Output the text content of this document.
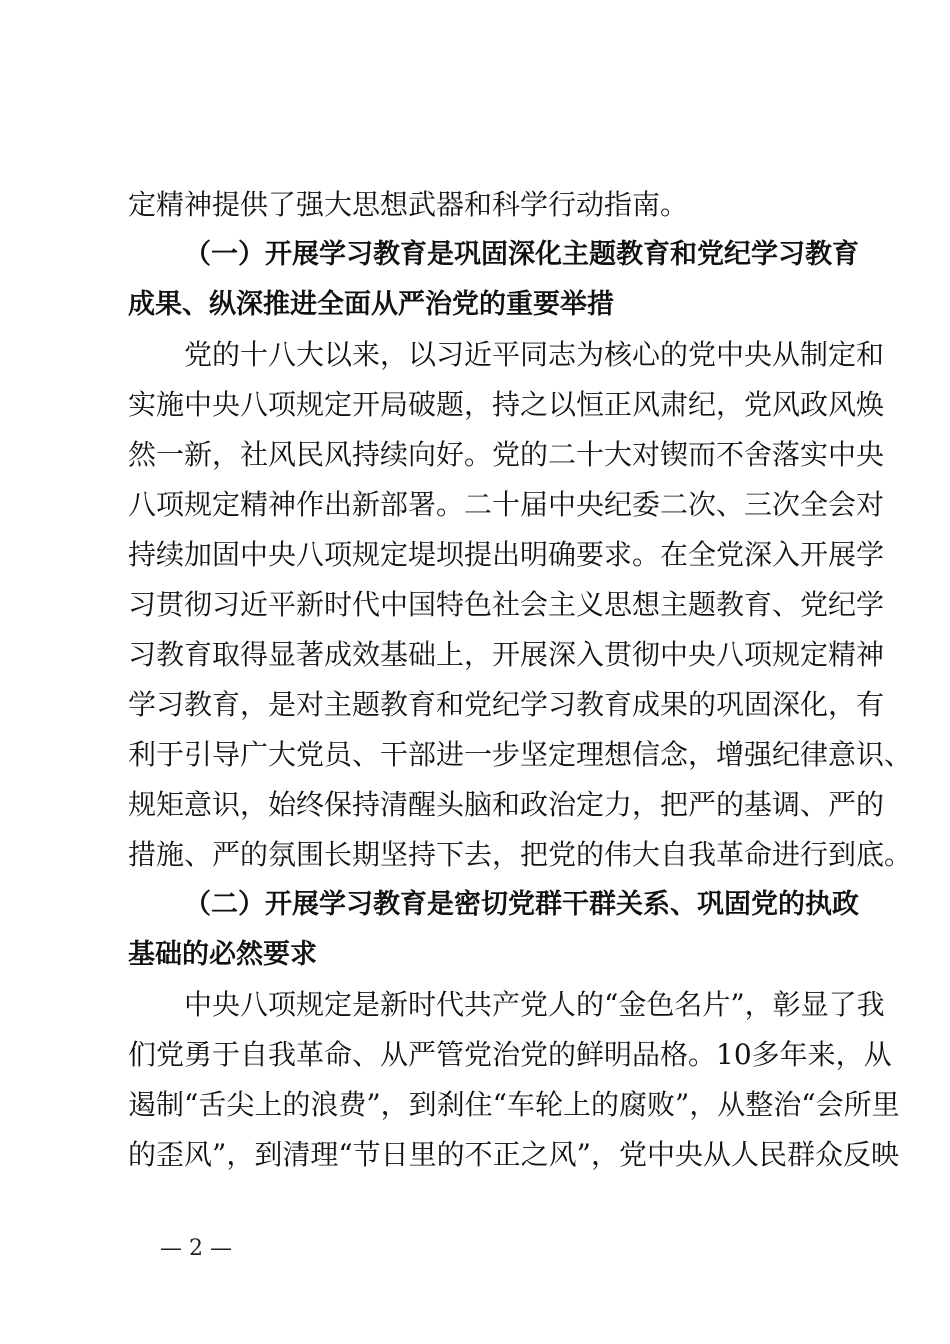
定精神提供了强大思想武器和科学行动指南。
（一）开展学习教育是巩固深化主题教育和党纪学习教育
成果、纵深推进全面从严治党的重要举措
党的十八大以来，以习近平同志为核心的党中央从制定和
实施中央八项规定开局破题，持之以恒正风肃纪，党风政风焕
然一新，社风民风持续向好。党的二十大对锲而不舍落实中央
八项规定精神作出新部署。二十届中央纪委二次、三次全会对
持续加固中央八项规定堤坝提出明确要求。在全党深入开展学
习贯彻习近平新时代中国特色社会主义思想主题教育、党纪学
习教育取得显著成效基础上，开展深入贯彻中央八项规定精神
学习教育，是对主题教育和党纪学习教育成果的巩固深化，有
利于引导广大党员、干部进一步坚定理想信念，增强纪律意识、
规矩意识，始终保持清醒头脑和政治定力，把严的基调、严的
措施、严的氛围长期坚持下去，把党的伟大自我革命进行到底。
（二）开展学习教育是密切党群干群关系、巩固党的执政
基础的必然要求
中央八项规定是新时代共产党人的“金色名片”，彰显了我
们党勇于自我革命、从严管党治党的鲜明品格。10多年来，从
遏制“舌尖上的浪费”，到刹住“车轮上的腐败”，从整治“会所里
的歪风”，到清理“节日里的不正之风”，党中央从人民群众反映
— 2 —
